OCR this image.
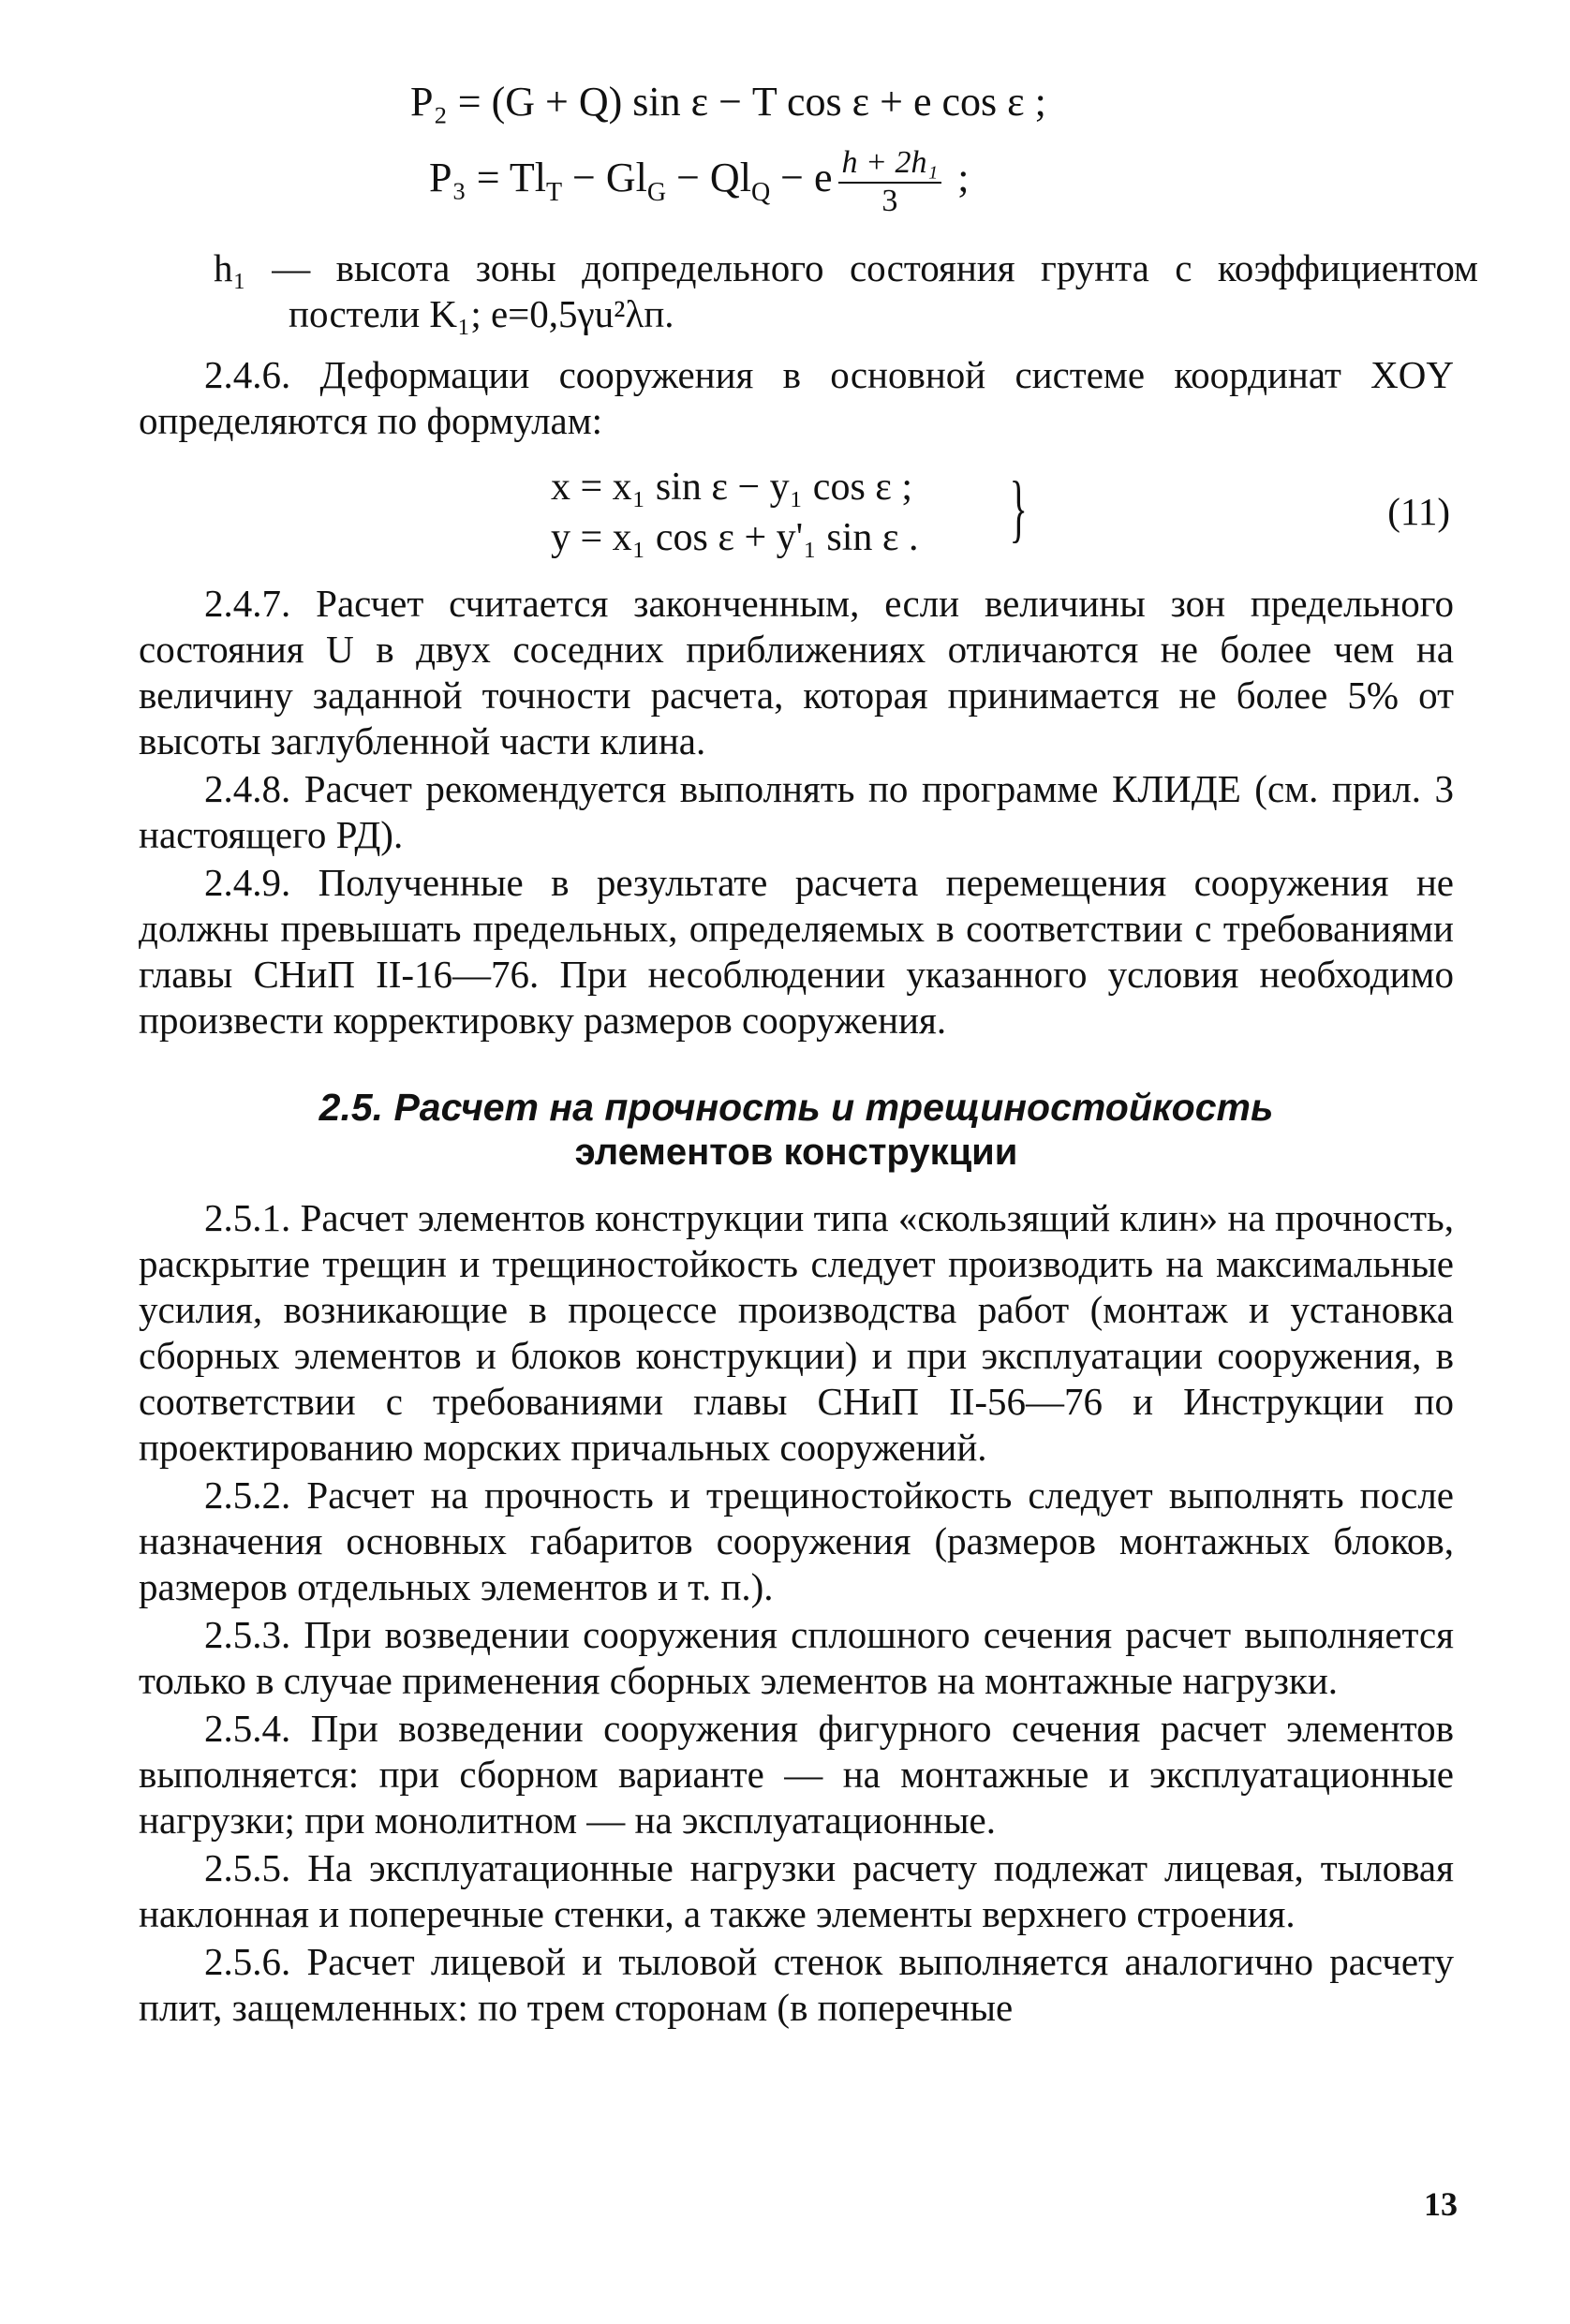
P₂ = (G + Q) sin ε − T cos ε + e cos ε ;
$P_3 = Tl_T - Gl_G - Ql_Q - e \frac{\text{h + 2h₁}}{3}$ ;
h₁ — высота зоны допредельного состояния грунта с коэффициентом постели K₁; e=0,5γu²λп.
2.4.6. Деформации сооружения в основной системе координат XOY определяются по формулам:
x = x₁ sin ε − y₁ cos ε ;
y = x₁ cos ε + y'₁ sin ε . }	(11)
2.4.7. Расчет считается законченным, если величины зон предельного состояния U в двух соседних приближениях отличаются не более чем на величину заданной точности расчета, которая принимается не более 5% от высоты заглубленной части клина.
2.4.8. Расчет рекомендуется выполнять по программе КЛИДЕ (см. прил. 3 настоящего РД).
2.4.9. Полученные в результате расчета перемещения сооружения не должны превышать предельных, определяемых в соответствии с требованиями главы СНиП II-16—76. При несоблюдении указанного условия необходимо произвести корректировку размеров сооружения.
2.5. Расчет на прочность и трещиностойкость
элементов конструкции
2.5.1. Расчет элементов конструкции типа «скользящий клин» на прочность, раскрытие трещин и трещиностойкость следует производить на максимальные усилия, возникающие в процессе производства работ (монтаж и установка сборных элементов и блоков конструкции) и при эксплуатации сооружения, в соответствии с требованиями главы СНиП II-56—76 и Инструкции по проектированию морских причальных сооружений.
2.5.2. Расчет на прочность и трещиностойкость следует выполнять после назначения основных габаритов сооружения (размеров монтажных блоков, размеров отдельных элементов и т. п.).
2.5.3. При возведении сооружения сплошного сечения расчет выполняется только в случае применения сборных элементов на монтажные нагрузки.
2.5.4. При возведении сооружения фигурного сечения расчет элементов выполняется: при сборном варианте — на монтажные и эксплуатационные нагрузки; при монолитном — на эксплуатационные.
2.5.5. На эксплуатационные нагрузки расчету подлежат лицевая, тыловая наклонная и поперечные стенки, а также элементы верхнего строения.
2.5.6. Расчет лицевой и тыловой стенок выполняется аналогично расчету плит, защемленных: по трем сторонам (в поперечные
13
